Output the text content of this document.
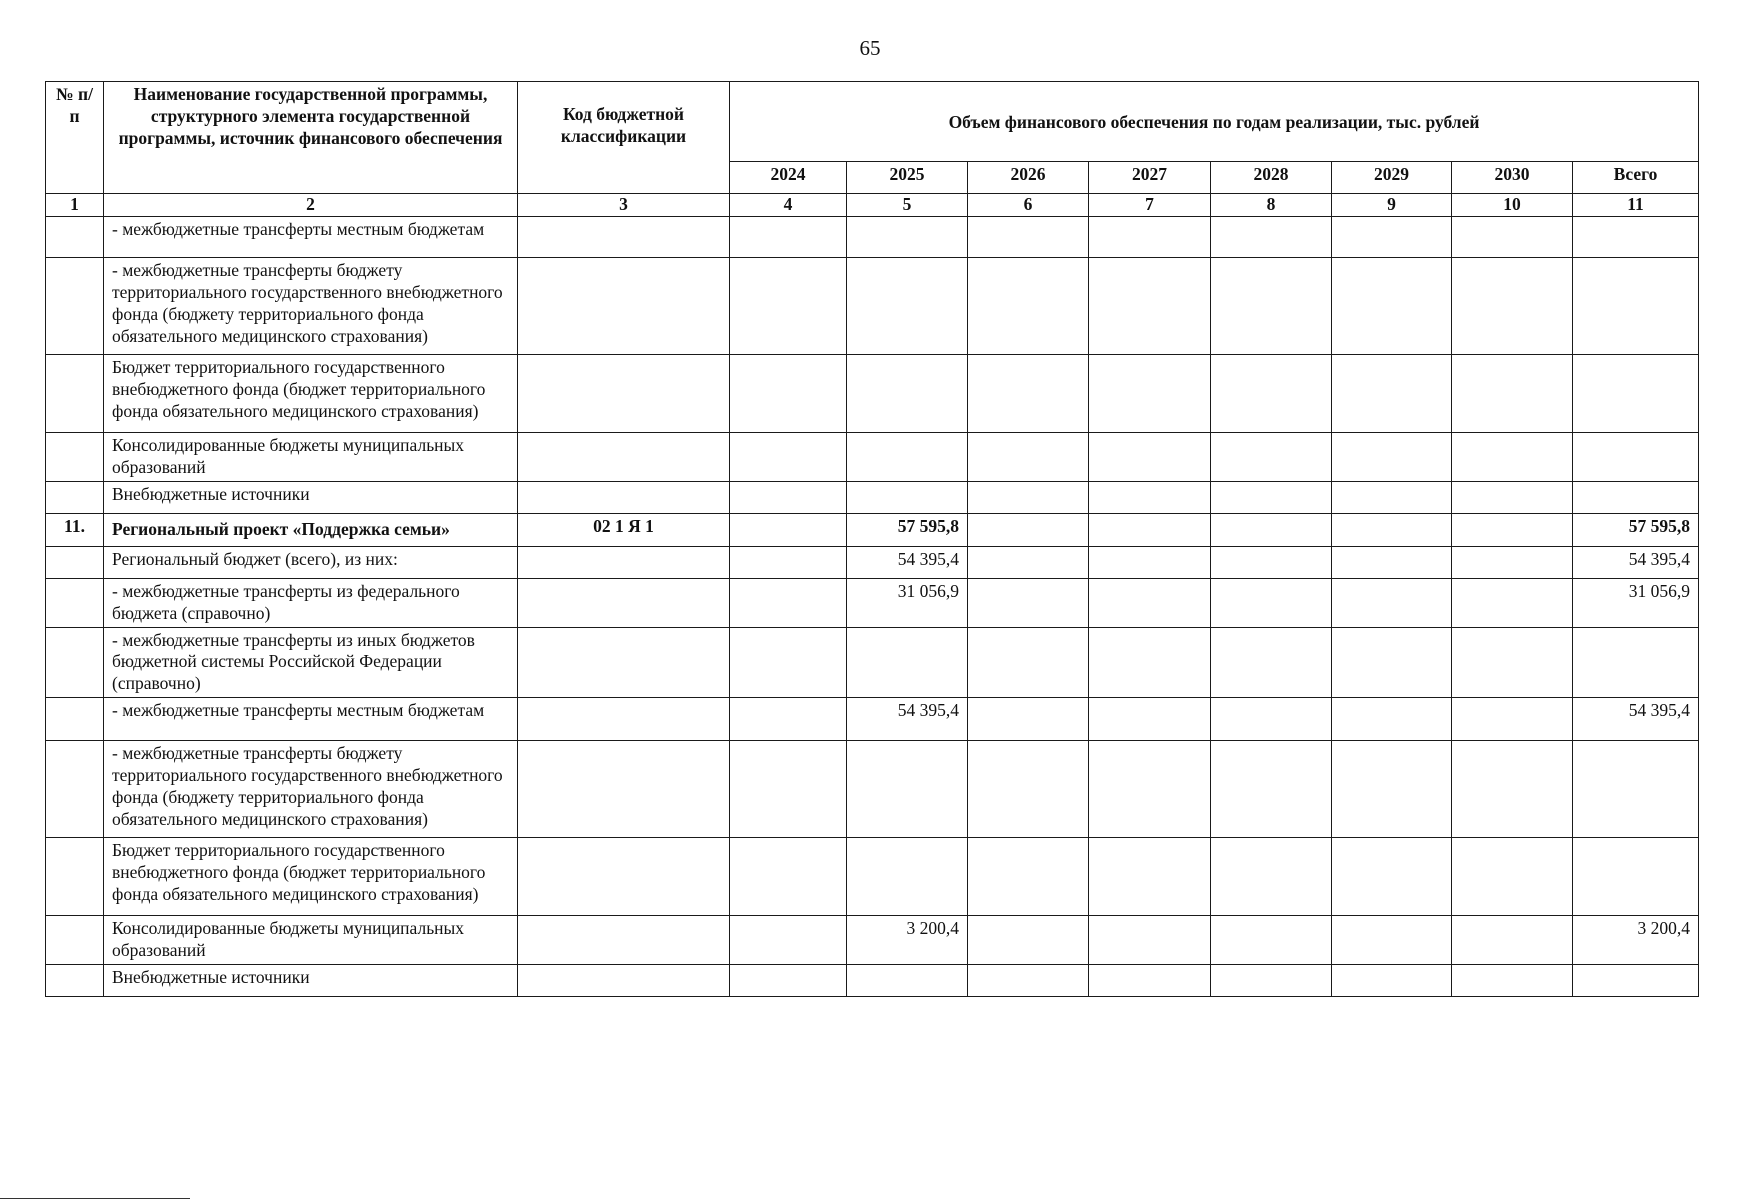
65
№ п/п	Наименование государственной программы, структурного элемента государственной программы, источник финансового обеспечения	Код бюджетной классификации	Объем финансового обеспечения по годам реализации, тыс. рублей							
			2024	2025	2026	2027	2028	2029	2030	Всего
1	2	3	4	5	6	7	8	9	10	11
	- межбюджетные трансферты местным бюджетам									
	- межбюджетные трансферты бюджету территориального государственного внебюджетного фонда (бюджету территориального фонда обязательного медицинского страхования)									
	Бюджет территориального государственного внебюджетного фонда (бюджет территориального фонда обязательного медицинского страхования)									
	Консолидированные бюджеты муниципальных образований									
	Внебюджетные источники									
11.	Региональный проект «Поддержка семьи»	02 1 Я 1		57 595,8						57 595,8
	Региональный бюджет (всего), из них:			54 395,4						54 395,4
	- межбюджетные трансферты из федерального бюджета (справочно)			31 056,9						31 056,9
	- межбюджетные трансферты из иных бюджетов бюджетной системы Российской Федерации (справочно)									
	- межбюджетные трансферты местным бюджетам			54 395,4						54 395,4
	- межбюджетные трансферты бюджету территориального государственного внебюджетного фонда (бюджету территориального фонда обязательного медицинского страхования)									
	Бюджет территориального государственного внебюджетного фонда (бюджет территориального фонда обязательного медицинского страхования)									
	Консолидированные бюджеты муниципальных образований			3 200,4						3 200,4
	Внебюджетные источники									
